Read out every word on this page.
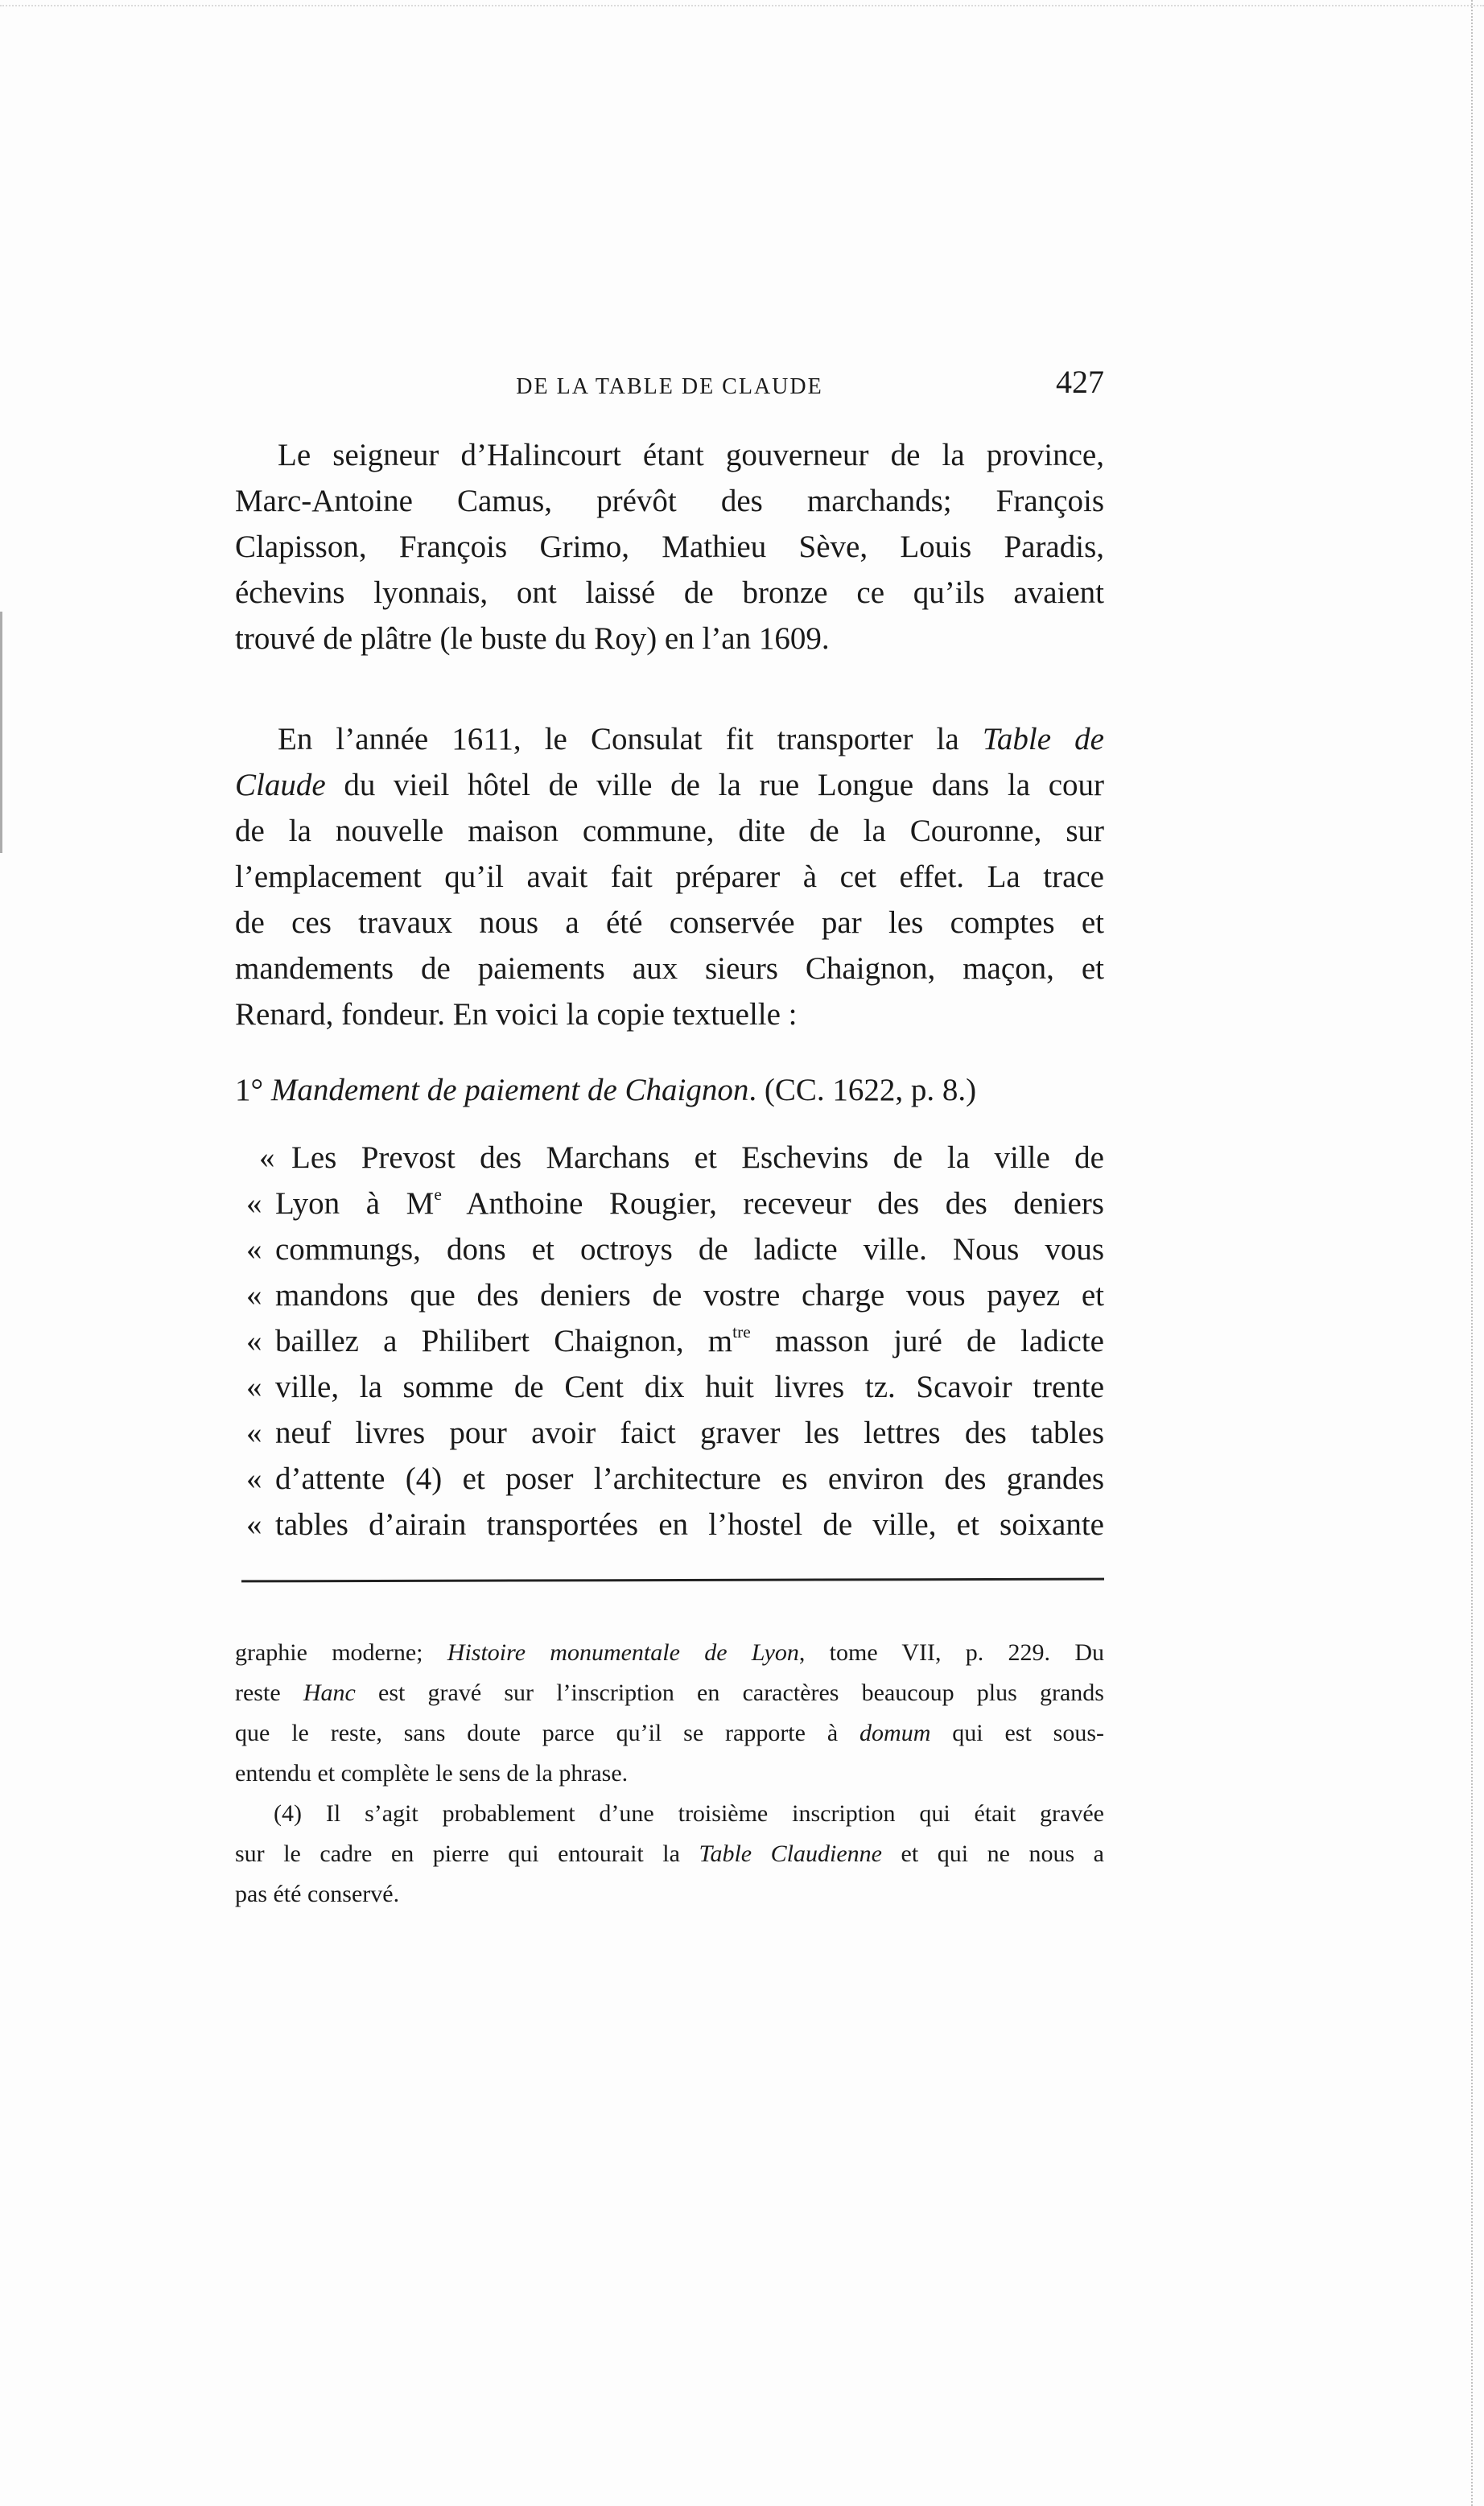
DE LA TABLE DE CLAUDE	427
Le seigneur d’Halincourt étant gouverneur de la province,
Marc-Antoine Camus, prévôt des marchands; François
Clapisson, François Grimo, Mathieu Sève, Louis Paradis,
échevins lyonnais, ont laissé de bronze ce qu’ils avaient
trouvé de plâtre (le buste du Roy) en l’an 1609.
En l’année 1611, le Consulat fit transporter la Table de
Claude du vieil hôtel de ville de la rue Longue dans la cour
de la nouvelle maison commune, dite de la Couronne, sur
l’emplacement qu’il avait fait préparer à cet effet. La trace
de ces travaux nous a été conservée par les comptes et
mandements de paiements aux sieurs Chaignon, maçon, et
Renard, fondeur. En voici la copie textuelle :
1° Mandement de paiement de Chaignon. (CC. 1622, p. 8.)
« Les Prevost des Marchans et Eschevins de la ville de
« Lyon à Me Anthoine Rougier, receveur des des deniers
« commungs, dons et octroys de ladicte ville. Nous vous
« mandons que des deniers de vostre charge vous payez et
« baillez a Philibert Chaignon, $m^{tre}$ masson juré de ladicte
« ville, la somme de Cent dix huit livres tz. Scavoir trente
« neuf livres pour avoir faict graver les lettres des tables
« d’attente (4) et poser l’architecture es environ des grandes
« tables d’airain transportées en l’hostel de ville, et soixante
graphie moderne; Histoire monumentale de Lyon, tome VII, p. 229. Du
reste Hanc est gravé sur l’inscription en caractères beaucoup plus grands
que le reste, sans doute parce qu’il se rapporte à domum qui est sous-
entendu et complète le sens de la phrase.
(4) Il s’agit probablement d’une troisième inscription qui était gravée
sur le cadre en pierre qui entourait la Table Claudienne et qui ne nous a
pas été conservé.
